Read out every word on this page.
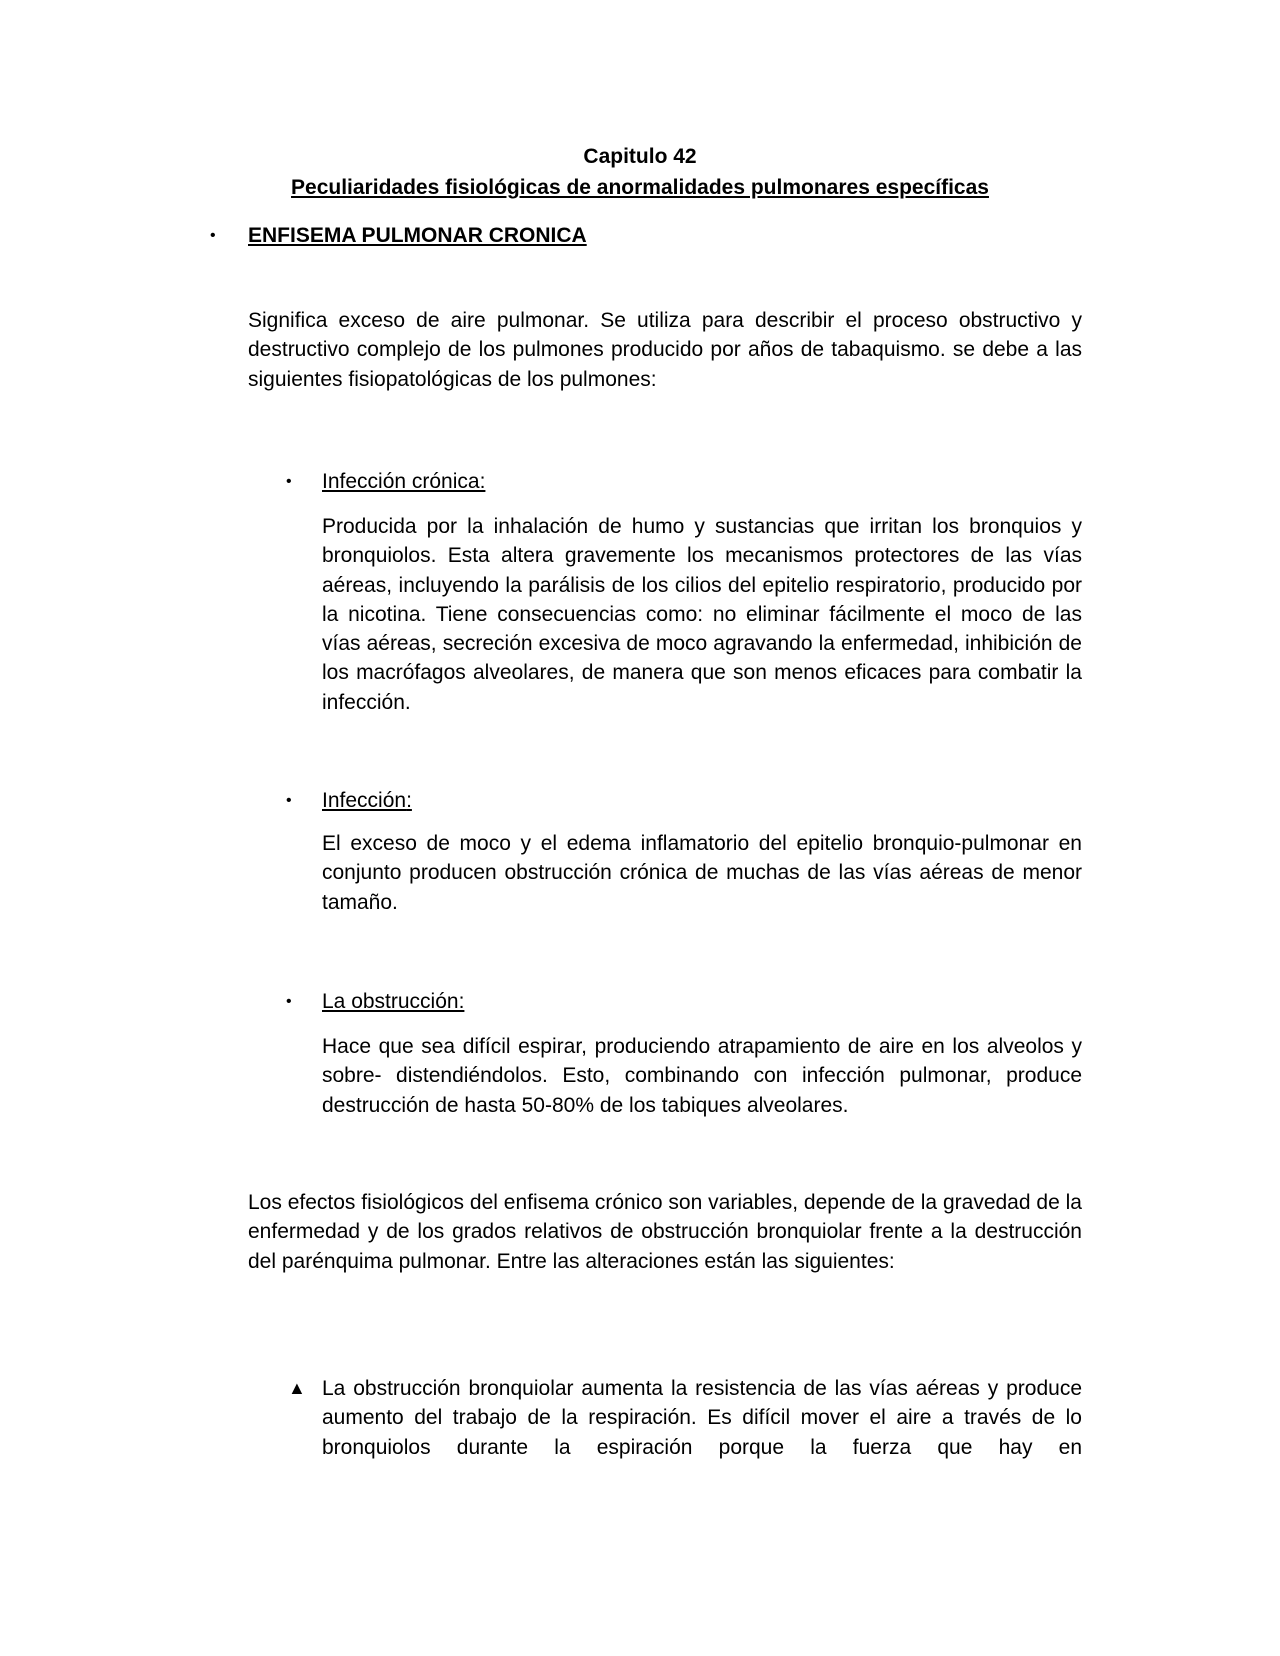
Capitulo 42
Peculiaridades fisiológicas de anormalidades pulmonares específicas
• ENFISEMA PULMONAR CRONICA

Significa exceso de aire pulmonar. Se utiliza para describir el proceso obstructivo y destructivo complejo de los pulmones producido por años de tabaquismo. se debe a las siguientes fisiopatológicas de los pulmones:

• Infección crónica:

Producida por la inhalación de humo y sustancias que irritan los bronquios y bronquiolos. Esta altera gravemente los mecanismos protectores de las vías aéreas, incluyendo la parálisis de los cilios del epitelio respiratorio, producido por la nicotina. Tiene consecuencias como: no eliminar fácilmente el moco de las vías aéreas, secreción excesiva de moco agravando la enfermedad, inhibición de los macrófagos alveolares, de manera que son menos eficaces para combatir la infección.

• Infección:

El exceso de moco y el edema inflamatorio del epitelio bronquio-pulmonar en conjunto producen obstrucción crónica de muchas de las vías aéreas de menor tamaño.

• La obstrucción:

Hace que sea difícil espirar, produciendo atrapamiento de aire en los alveolos y sobre- distendiéndolos. Esto, combinando con infección pulmonar, produce destrucción de hasta 50-80% de los tabiques alveolares.

Los efectos fisiológicos del enfisema crónico son variables, depende de la gravedad de la enfermedad y de los grados relativos de obstrucción bronquiolar frente a la destrucción del parénquima pulmonar. Entre las alteraciones están las siguientes:

▲ La obstrucción bronquiolar aumenta la resistencia de las vías aéreas y produce aumento del trabajo de la respiración. Es difícil mover el aire a través de lo bronquiolos durante la espiración porque la fuerza que hay en
